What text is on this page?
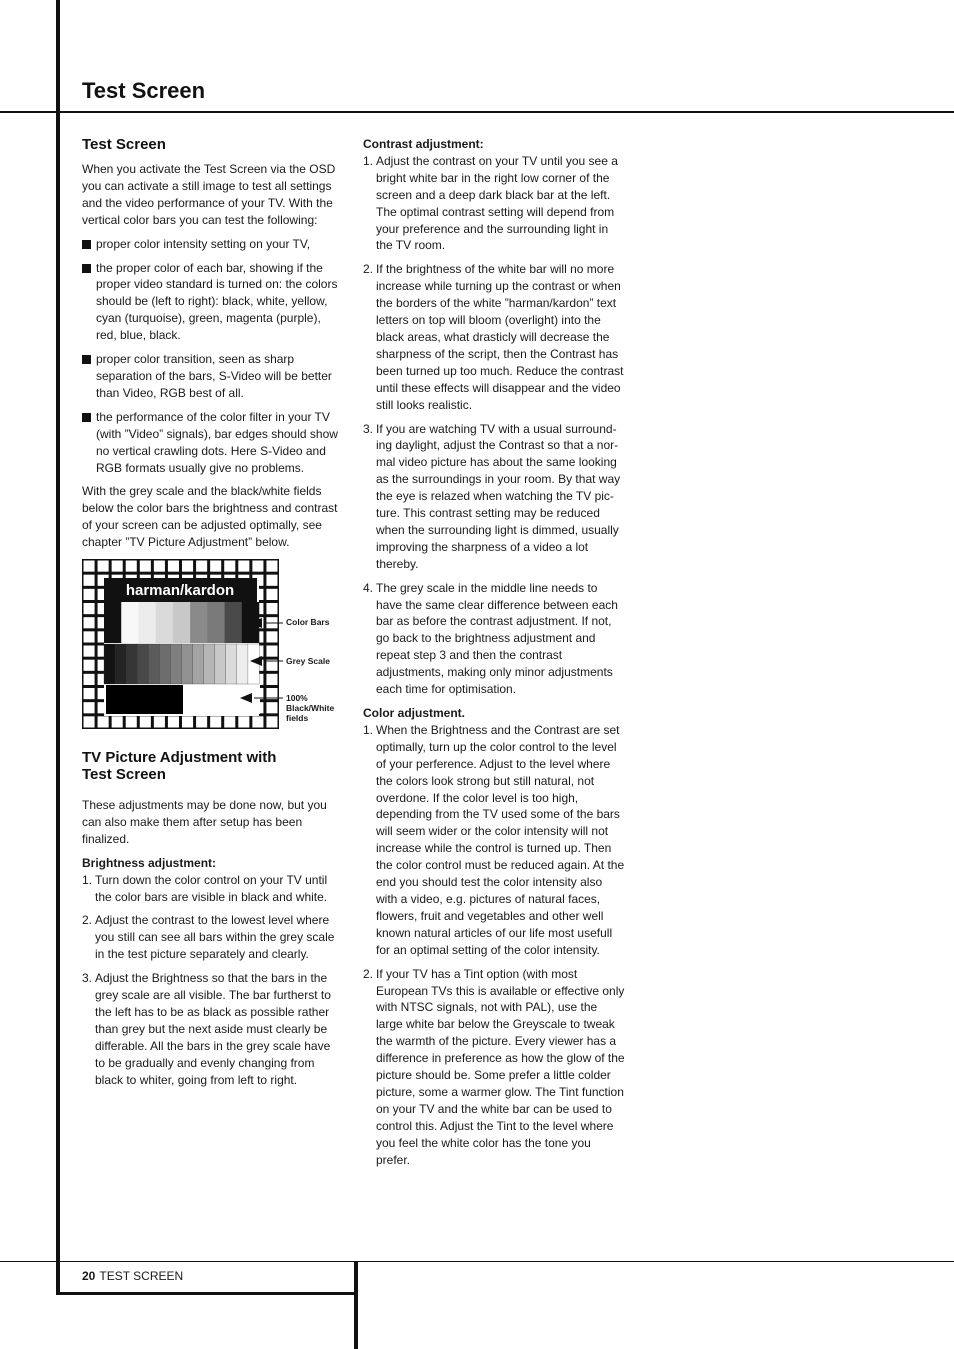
Test Screen
Test Screen

When you activate the Test Screen via the OSD you can activate a still image to test all settings and the video performance of your TV. With the vertical color bars you can test the following:

proper color intensity setting on your TV,
the proper color of each bar, showing if the proper video standard is turned on: the colors should be (left to right): black, white, yellow, cyan (turquoise), green, magenta (purple), red, blue, black.
proper color transition, seen as sharp separation of the bars, S-Video will be better than Video, RGB best of all.
the performance of the color filter in your TV (with ”Video” signals), bar edges should show no vertical crawling dots. Here S-Video and RGB formats usually give no problems.

With the grey scale and the black/white fields below the color bars the brightness and contrast of your screen can be adjusted optimally, see chapter ”TV Picture Adjustment” below.

harman/kardon
Color Bars
Grey Scale
100% Black/White fields
TV Picture Adjustment with Test Screen

These adjustments may be done now, but you can also make them after setup has been finalized.

Brightness adjustment:
1. Turn down the color control on your TV until the color bars are visible in black and white.
2. Adjust the contrast to the lowest level where you still can see all bars within the grey scale in the test picture separately and clearly.
3. Adjust the Brightness so that the bars in the grey scale are all visible. The bar furtherst to the left has to be as black as possible rather than grey but the next aside must clearly be differable. All the bars in the grey scale have to be gradually and evenly changing from black to whiter, going from left to right.
Contrast adjustment:
1. Adjust the contrast on your TV until you see a bright white bar in the right low corner of the screen and a deep dark black bar at the left. The optimal contrast setting will depend from your preference and the surrounding light in the TV room.
2. If the brightness of the white bar will no more increase while turning up the contrast or when the borders of the white ”harman/kardon” text letters on top will bloom (overlight) into the black areas, what drasticly will decrease the sharpness of the script, then the Contrast has been turned up too much. Reduce the contrast until these effects will disappear and the video still looks realistic.
3. If you are watching TV with a usual surround-ing daylight, adjust the Contrast so that a nor-mal video picture has about the same looking as the surroundings in your room. By that way the eye is relazed when watching the TV pic-ture. This contrast setting may be reduced when the surrounding light is dimmed, usually improving the sharpness of a video a lot thereby.
4. The grey scale in the middle line needs to have the same clear difference between each bar as before the contrast adjustment. If not, go back to the brightness adjustment and repeat step 3 and then the contrast adjustments, making only minor adjustments each time for optimisation.
Color adjustment.
1. When the Brightness and the Contrast are set optimally, turn up the color control to the level of your perference. Adjust to the level where the colors look strong but still natural, not overdone. If the color level is too high, depending from the TV used some of the bars will seem wider or the color intensity will not increase while the control is turned up. Then the color control must be reduced again. At the end you should test the color intensity also with a video, e.g. pictures of natural faces, flowers, fruit and vegetables and other well known natural articles of our life most usefull for an optimal setting of the color intensity.
2. If your TV has a Tint option (with most European TVs this is available or effective only with NTSC signals, not with PAL), use the large white bar below the Greyscale to tweak the warmth of the picture. Every viewer has a difference in preference as how the glow of the picture should be. Some prefer a little colder picture, some a warmer glow. The Tint function on your TV and the white bar can be used to control this. Adjust the Tint to the level where you feel the white color has the tone you prefer.
20 TEST SCREEN
